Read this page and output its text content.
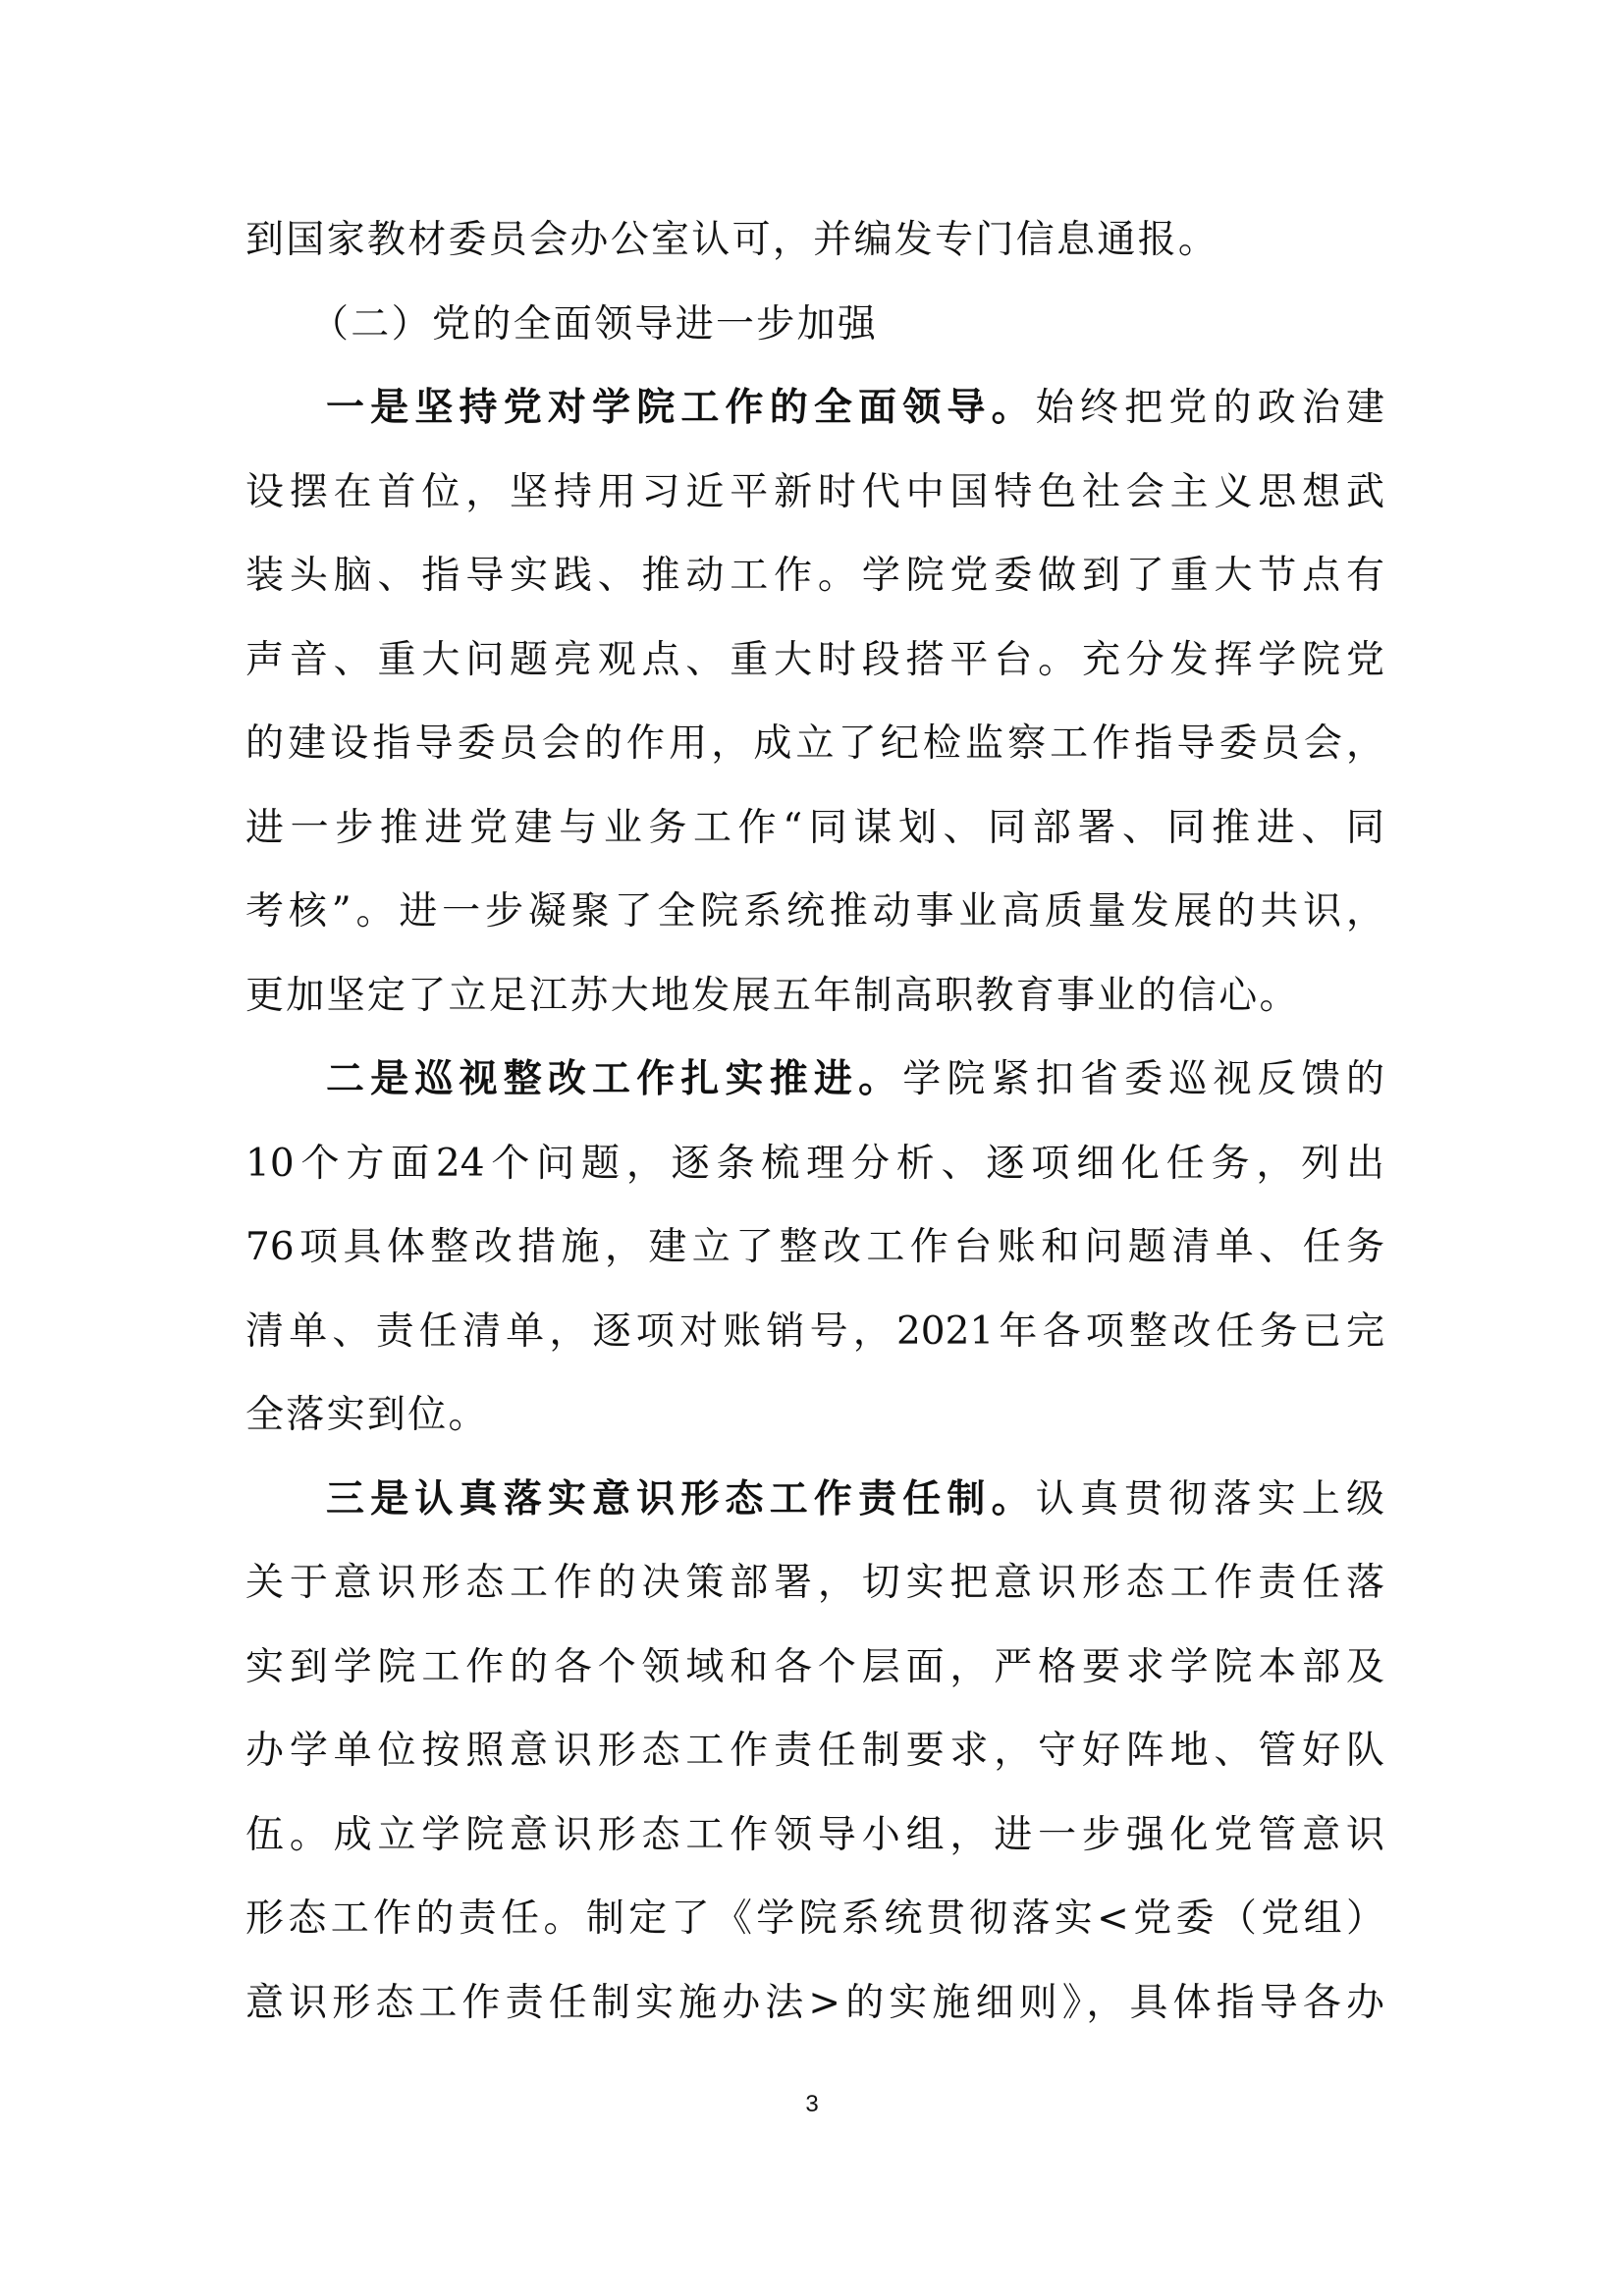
到国家教材委员会办公室认可，并编发专门信息通报。
（二）党的全面领导进一步加强
一是坚持党对学院工作的全面领导。始终把党的政治建
设摆在首位，坚持用习近平新时代中国特色社会主义思想武
装头脑、指导实践、推动工作。学院党委做到了重大节点有
声音、重大问题亮观点、重大时段搭平台。充分发挥学院党
的建设指导委员会的作用，成立了纪检监察工作指导委员会，
进一步推进党建与业务工作“同谋划、同部署、同推进、同
考核”。进一步凝聚了全院系统推动事业高质量发展的共识，
更加坚定了立足江苏大地发展五年制高职教育事业的信心。
二是巡视整改工作扎实推进。学院紧扣省委巡视反馈的
10个方面24个问题，逐条梳理分析、逐项细化任务，列出
76项具体整改措施，建立了整改工作台账和问题清单、任务
清单、责任清单，逐项对账销号，2021年各项整改任务已完
全落实到位。
三是认真落实意识形态工作责任制。认真贯彻落实上级
关于意识形态工作的决策部署，切实把意识形态工作责任落
实到学院工作的各个领域和各个层面，严格要求学院本部及
办学单位按照意识形态工作责任制要求，守好阵地、管好队
伍。成立学院意识形态工作领导小组，进一步强化党管意识
形态工作的责任。制定了《学院系统贯彻落实<党委（党组）
意识形态工作责任制实施办法>的实施细则》，具体指导各办
3
